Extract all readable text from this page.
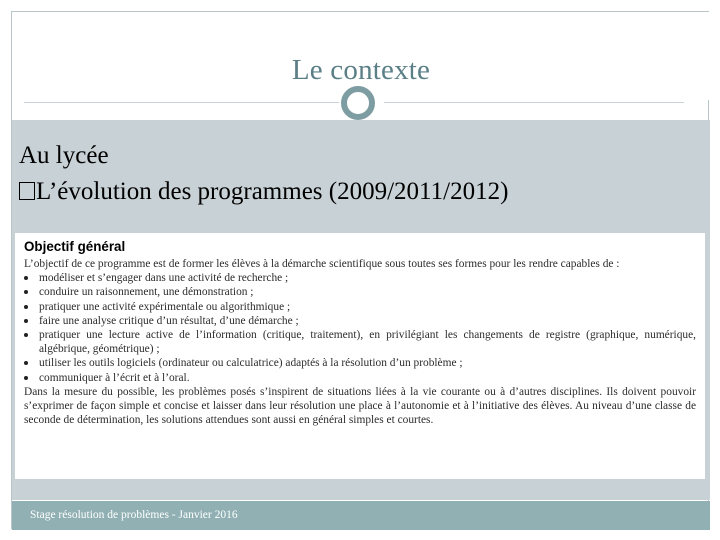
Le contexte
Au lycée
L’évolution des programmes (2009/2011/2012)
Objectif général
L’objectif de ce programme est de former les élèves à la démarche scientifique sous toutes ses formes pour les rendre capables de :
modéliser et s’engager dans une activité de recherche ;
conduire un raisonnement, une démonstration ;
pratiquer une activité expérimentale ou algorithmique ;
faire une analyse critique d’un résultat, d’une démarche ;
pratiquer une lecture active de l’information (critique, traitement), en privilégiant les changements de registre (graphique, numérique, algébrique, géométrique) ;
utiliser les outils logiciels (ordinateur ou calculatrice) adaptés à la résolution d’un problème ;
communiquer à l’écrit et à l’oral.
Dans la mesure du possible, les problèmes posés s’inspirent de situations liées à la vie courante ou à d’autres disciplines. Ils doivent pouvoir s’exprimer de façon simple et concise et laisser dans leur résolution une place à l’autonomie et à l’initiative des élèves. Au niveau d’une classe de seconde de détermination, les solutions attendues sont aussi en général simples et courtes.
Stage résolution de problèmes - Janvier 2016
